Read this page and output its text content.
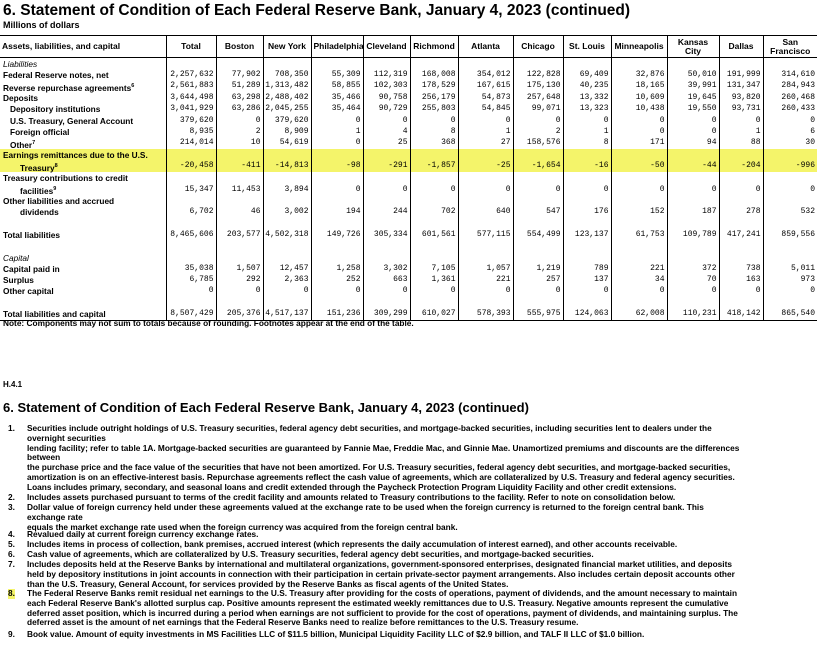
6. Statement of Condition of Each Federal Reserve Bank, January 4, 2023 (continued)
Millions of dollars
Assets, liabilities, and capital	Total	Boston	New York	Philadelphia	Cleveland	Richmond	Atlanta	Chicago	St. Louis	Minneapolis	Kansas City	Dallas	San Francisco
Liabilities													
Federal Reserve notes, net	2,257,632	77,902	708,350	55,309	112,319	168,008	354,012	122,828	69,409	32,876	50,010	191,999	314,610
Reverse repurchase agreements$^6$	2,561,883	51,289	1,313,482	58,855	102,303	178,529	167,615	175,130	40,235	18,165	39,991	131,347	284,943
Deposits	3,644,498	63,298	2,488,402	35,466	90,758	256,179	54,873	257,648	13,332	10,609	19,645	93,820	260,468
Depository institutions	3,041,929	63,286	2,045,255	35,464	90,729	255,803	54,845	99,071	13,323	10,438	19,550	93,731	260,433
U.S. Treasury, General Account	379,620	0	379,620	0	0	0	0	0	0	0	0	0	0
Foreign official	8,935	2	8,909	1	4	8	1	2	1	0	0	1	6
Other$^7$	214,014	10	54,619	0	25	368	27	158,576	8	171	94	88	30
Earnings remittances due to the U.S.													
Treasury$^8$	-20,458	-411	-14,813	-98	-291	-1,857	-25	-1,654	-16	-50	-44	-204	-996
Treasury contributions to credit													
facilities$^9$	15,347	11,453	3,894	0	0	0	0	0	0	0	0	0	0
Other liabilities and accrued													
dividends	6,702	46	3,002	194	244	702	640	547	176	152	187	278	532

Total liabilities	8,465,606	203,577	4,502,318	149,726	305,334	601,561	577,115	554,499	123,137	61,753	109,789	417,241	859,556

Capital													
Capital paid in	35,038	1,507	12,457	1,258	3,302	7,105	1,057	1,219	789	221	372	738	5,011
Surplus	6,785	292	2,363	252	663	1,361	221	257	137	34	70	163	973
Other capital	0	0	0	0	0	0	0	0	0	0	0	0	0

Total liabilities and capital	8,507,429	205,376	4,517,137	151,236	309,299	610,027	578,393	555,975	124,063	62,008	110,231	418,142	865,540
Note: Components may not sum to totals because of rounding. Footnotes appear at the end of the table.
H.4.1
6. Statement of Condition of Each Federal Reserve Bank, January 4, 2023 (continued)
1. Securities include outright holdings of U.S. Treasury securities, federal agency debt securities, and mortgage-backed securities, including securities lent to dealers under the
overnight securities
lending facility; refer to table 1A. Mortgage-backed securities are guaranteed by Fannie Mae, Freddie Mac, and Ginnie Mae. Unamortized premiums and discounts are the differences
between
the purchase price and the face value of the securities that have not been amortized. For U.S. Treasury securities, federal agency debt securities, and mortgage-backed securities,
amortization is on an effective-interest basis. Repurchase agreements reflect the cash value of agreements, which are collateralized by U.S. Treasury and federal agency securities.
Loans includes primary, secondary, and seasonal loans and credit extended through the Paycheck Protection Program Liquidity Facility and other credit extensions.
2. Includes assets purchased pursuant to terms of the credit facility and amounts related to Treasury contributions to the facility. Refer to note on consolidation below.
3. Dollar value of foreign currency held under these agreements valued at the exchange rate to be used when the foreign currency is returned to the foreign central bank. This
exchange rate
equals the market exchange rate used when the foreign currency was acquired from the foreign central bank.
4. Revalued daily at current foreign currency exchange rates.
5. Includes items in process of collection, bank premises, accrued interest (which represents the daily accumulation of interest earned), and other accounts receivable.
6. Cash value of agreements, which are collateralized by U.S. Treasury securities, federal agency debt securities, and mortgage-backed securities.
7. Includes deposits held at the Reserve Banks by international and multilateral organizations, government-sponsored enterprises, designated financial market utilities, and deposits
held by depository institutions in joint accounts in connection with their participation in certain private-sector payment arrangements. Also includes certain deposit accounts other
than the U.S. Treasury, General Account, for services provided by the Reserve Banks as fiscal agents of the United States.
8. The Federal Reserve Banks remit residual net earnings to the U.S. Treasury after providing for the costs of operations, payment of dividends, and the amount necessary to maintain
each Federal Reserve Bank's allotted surplus cap. Positive amounts represent the estimated weekly remittances due to U.S. Treasury. Negative amounts represent the cumulative
deferred asset position, which is incurred during a period when earnings are not sufficient to provide for the cost of operations, payment of dividends, and maintaining surplus. The
deferred asset is the amount of net earnings that the Federal Reserve Banks need to realize before remittances to the U.S. Treasury resume.
9. Book value. Amount of equity investments in MS Facilities LLC of $11.5 billion, Municipal Liquidity Facility LLC of $2.9 billion, and TALF II LLC of $1.0 billion.
